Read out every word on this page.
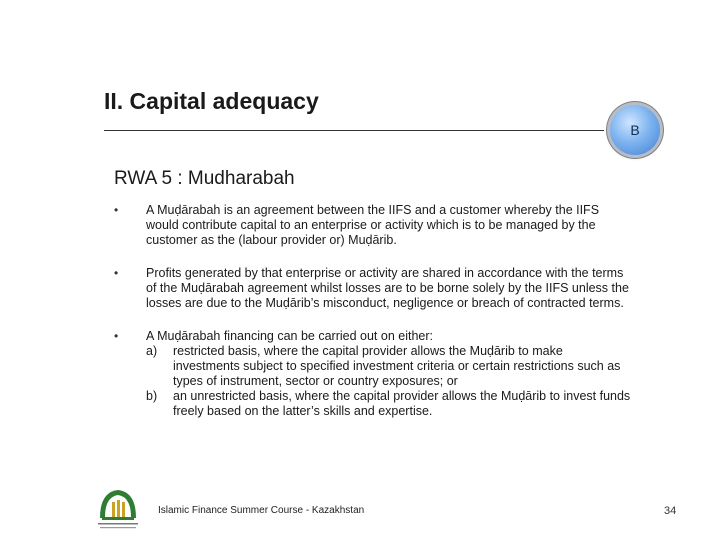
II. Capital adequacy
B
RWA 5 : Mudharabah
• A Muḍārabah is an agreement between the IIFS and a customer whereby the IIFS would contribute capital to an enterprise or activity which is to be managed by the customer as the (labour provider or) Muḍārib.
• Profits generated by that enterprise or activity are shared in accordance with the terms of the Muḍārabah agreement whilst losses are to be borne solely by the IIFS unless the losses are due to the Muḍārib’s misconduct, negligence or breach of contracted terms.
• A Muḍārabah financing can be carried out on either:
a) restricted basis, where the capital provider allows the Muḍārib to make investments subject to specified investment criteria or certain restrictions such as types of instrument, sector or country exposures; or
b) an unrestricted basis, where the capital provider allows the Muḍārib to invest funds freely based on the latter’s skills and expertise.
Islamic Finance Summer Course - Kazakhstan	34
